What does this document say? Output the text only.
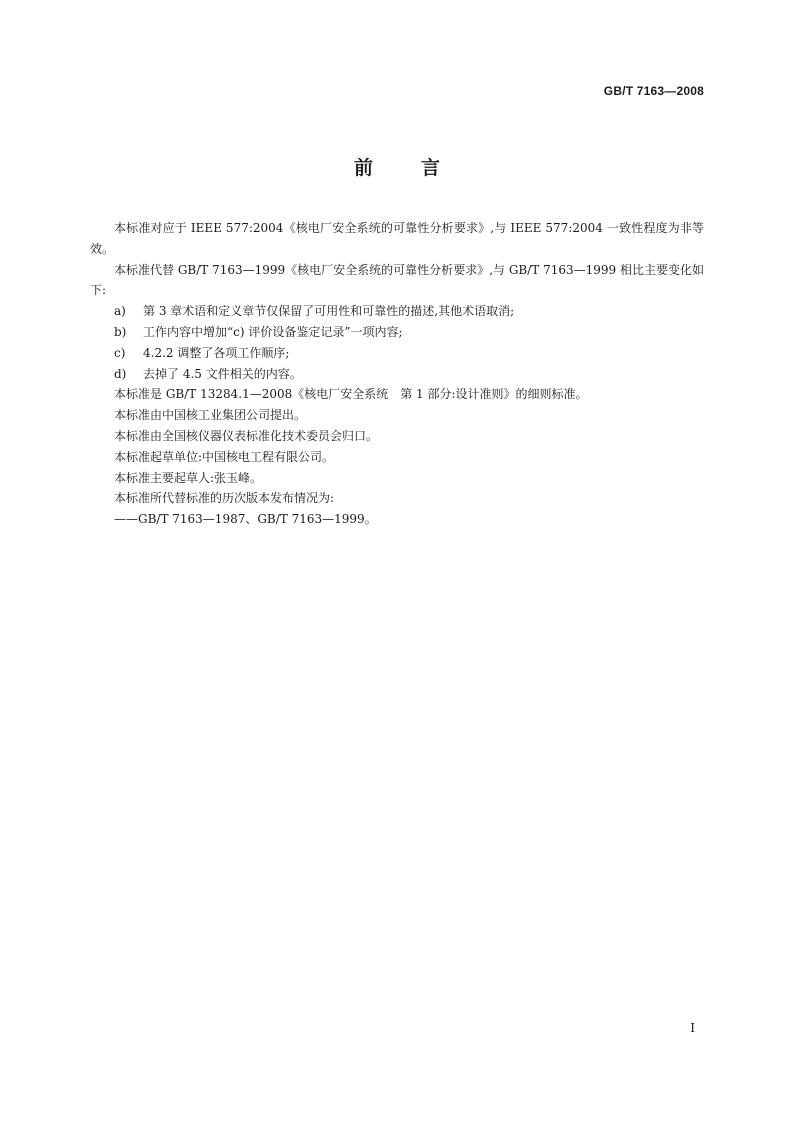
GB/T 7163—2008
前	言

本标准对应于 IEEE 577:2004《核电厂安全系统的可靠性分析要求》,与 IEEE 577:2004 一致性程度为非等效。

本标准代替 GB/T 7163—1999《核电厂安全系统的可靠性分析要求》,与 GB/T 7163—1999 相比主要变化如下:

a) 第 3 章术语和定义章节仅保留了可用性和可靠性的描述,其他术语取消;
b) 工作内容中增加“c) 评价设备鉴定记录”一项内容;
c) 4.2.2 调整了各项工作顺序;
d) 去掉了 4.5 文件相关的内容。

本标准是 GB/T 13284.1—2008《核电厂安全系统　第 1 部分:设计准则》的细则标准。

本标准由中国核工业集团公司提出。

本标准由全国核仪器仪表标准化技术委员会归口。

本标准起草单位:中国核电工程有限公司。

本标准主要起草人:张玉峰。

本标准所代替标准的历次版本发布情况为:

——GB/T 7163—1987、GB/T 7163—1999。

I
